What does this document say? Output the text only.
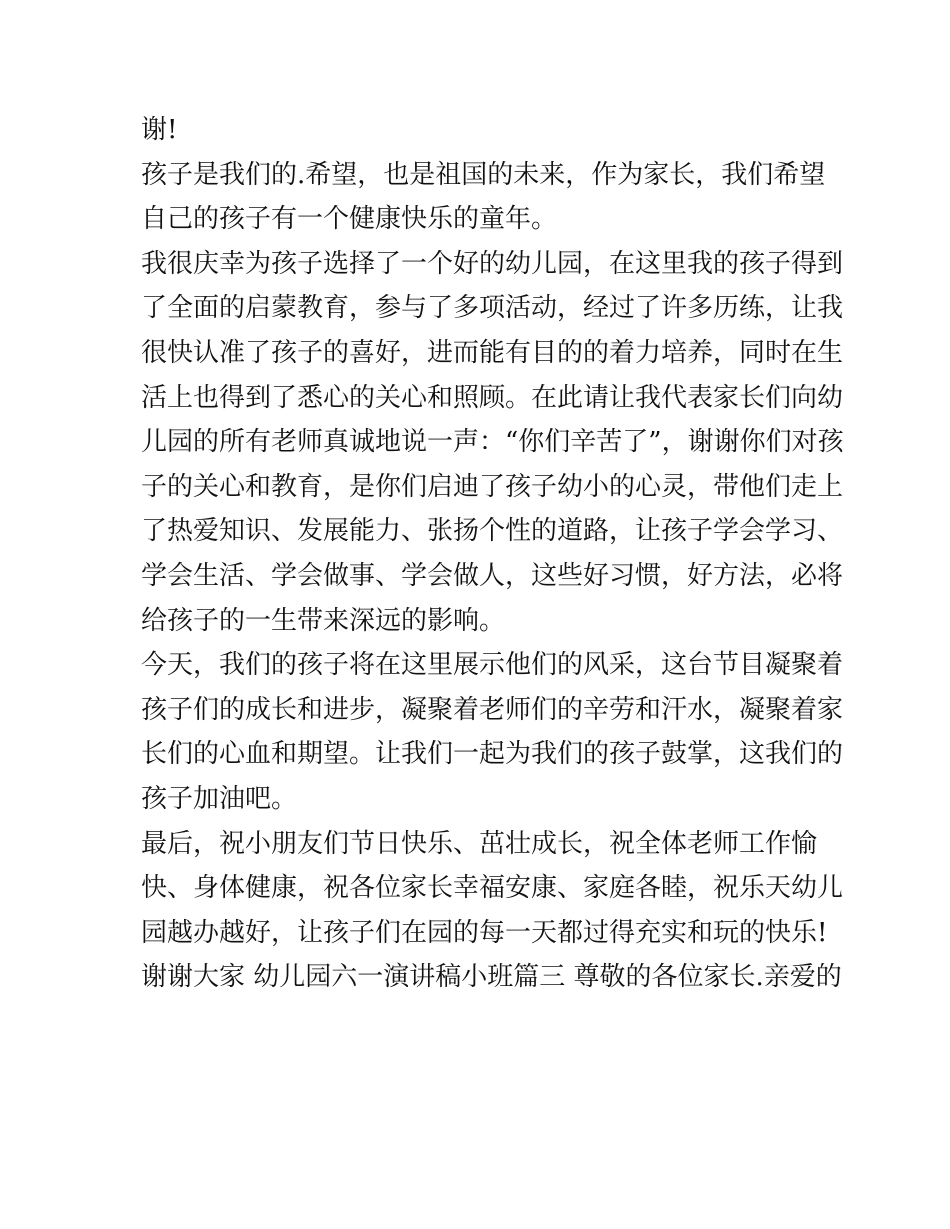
谢!
孩子是我们的.希望，也是祖国的未来，作为家长，我们希望
自己的孩子有一个健康快乐的童年。
我很庆幸为孩子选择了一个好的幼儿园，在这里我的孩子得到
了全面的启蒙教育，参与了多项活动，经过了许多历练，让我
很快认准了孩子的喜好，进而能有目的的着力培养，同时在生
活上也得到了悉心的关心和照顾。在此请让我代表家长们向幼
儿园的所有老师真诚地说一声：“你们辛苦了”，谢谢你们对孩
子的关心和教育，是你们启迪了孩子幼小的心灵，带他们走上
了热爱知识、发展能力、张扬个性的道路，让孩子学会学习、
学会生活、学会做事、学会做人，这些好习惯，好方法，必将
给孩子的一生带来深远的影响。
今天，我们的孩子将在这里展示他们的风采，这台节目凝聚着
孩子们的成长和进步，凝聚着老师们的辛劳和汗水，凝聚着家
长们的心血和期望。让我们一起为我们的孩子鼓掌，这我们的
孩子加油吧。
最后，祝小朋友们节日快乐、茁壮成长，祝全体老师工作愉
快、身体健康，祝各位家长幸福安康、家庭各睦，祝乐天幼儿
园越办越好，让孩子们在园的每一天都过得充实和玩的快乐!
谢谢大家 幼儿园六一演讲稿小班篇三 尊敬的各位家长.亲爱的
